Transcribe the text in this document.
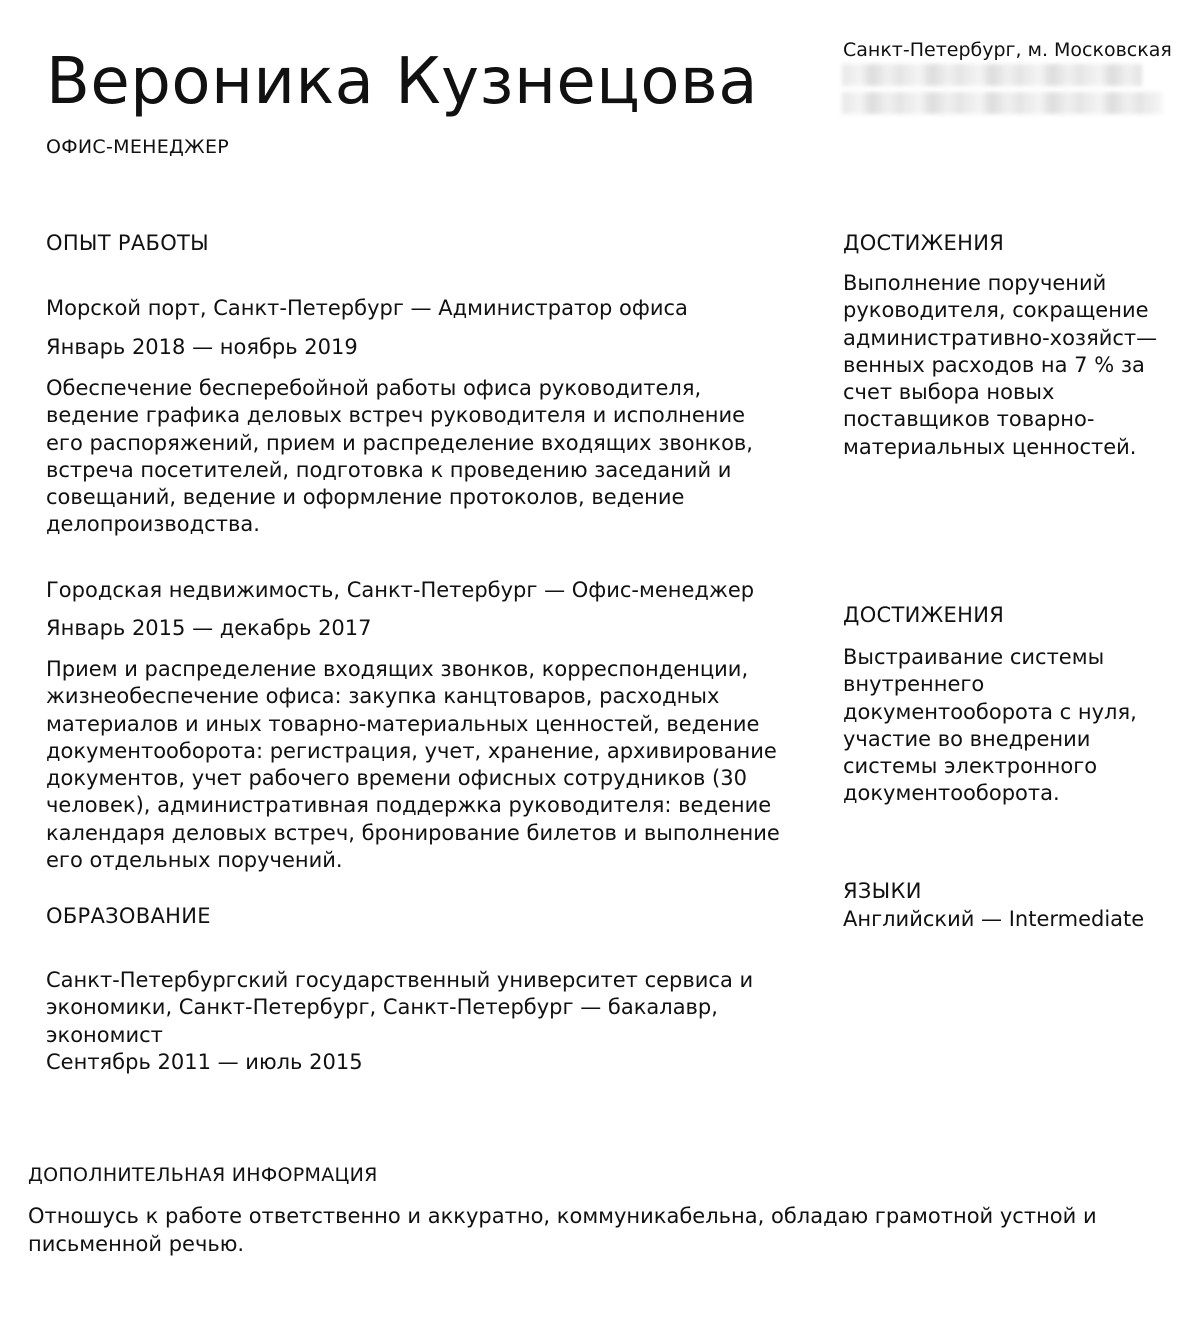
Вероника Кузнецова
ОФИС-МЕНЕДЖЕР
Санкт-Петербург, м. Московская
ОПЫТ РАБОТЫ
Морской порт, Санкт-Петербург — Администратор офиса
Январь 2018 — ноябрь 2019
Обеспечение бесперебойной работы офиса руководителя, ведение графика деловых встреч руководителя и исполнение его распоряжений, прием и распределение входящих звонков, встреча посетителей, подготовка к проведению заседаний и совещаний, ведение и оформление протоколов, ведение делопроизводства.
Городская недвижимость, Санкт-Петербург — Офис-менеджер
Январь 2015 — декабрь 2017
Прием и распределение входящих звонков, корреспонденции, жизнеобеспечение офиса: закупка канцтоваров, расходных материалов и иных товарно-материальных ценностей, ведение документооборота: регистрация, учет, хранение, архивирование документов, учет рабочего времени офисных сотрудников (30 человек), административная поддержка руководителя: ведение календаря деловых встреч, бронирование билетов и выполнение его отдельных поручений.
ОБРАЗОВАНИЕ
Санкт-Петербургский государственный университет сервиса и экономики, Санкт-Петербург, Санкт-Петербург — бакалавр, экономист
Сентябрь 2011 — июль 2015
ДОСТИЖЕНИЯ
Выполнение поручений руководителя, сокращение административно-хозяйст—венных расходов на 7 % за счет выбора новых поставщиков товарно-материальных ценностей.
ДОСТИЖЕНИЯ
Выстраивание системы внутреннего документооборота с нуля, участие во внедрении системы электронного документооборота.
ЯЗЫКИ
Английский — Intermediate
ДОПОЛНИТЕЛЬНАЯ ИНФОРМАЦИЯ
Отношусь к работе ответственно и аккуратно, коммуникабельна, обладаю грамотной устной и письменной речью.
